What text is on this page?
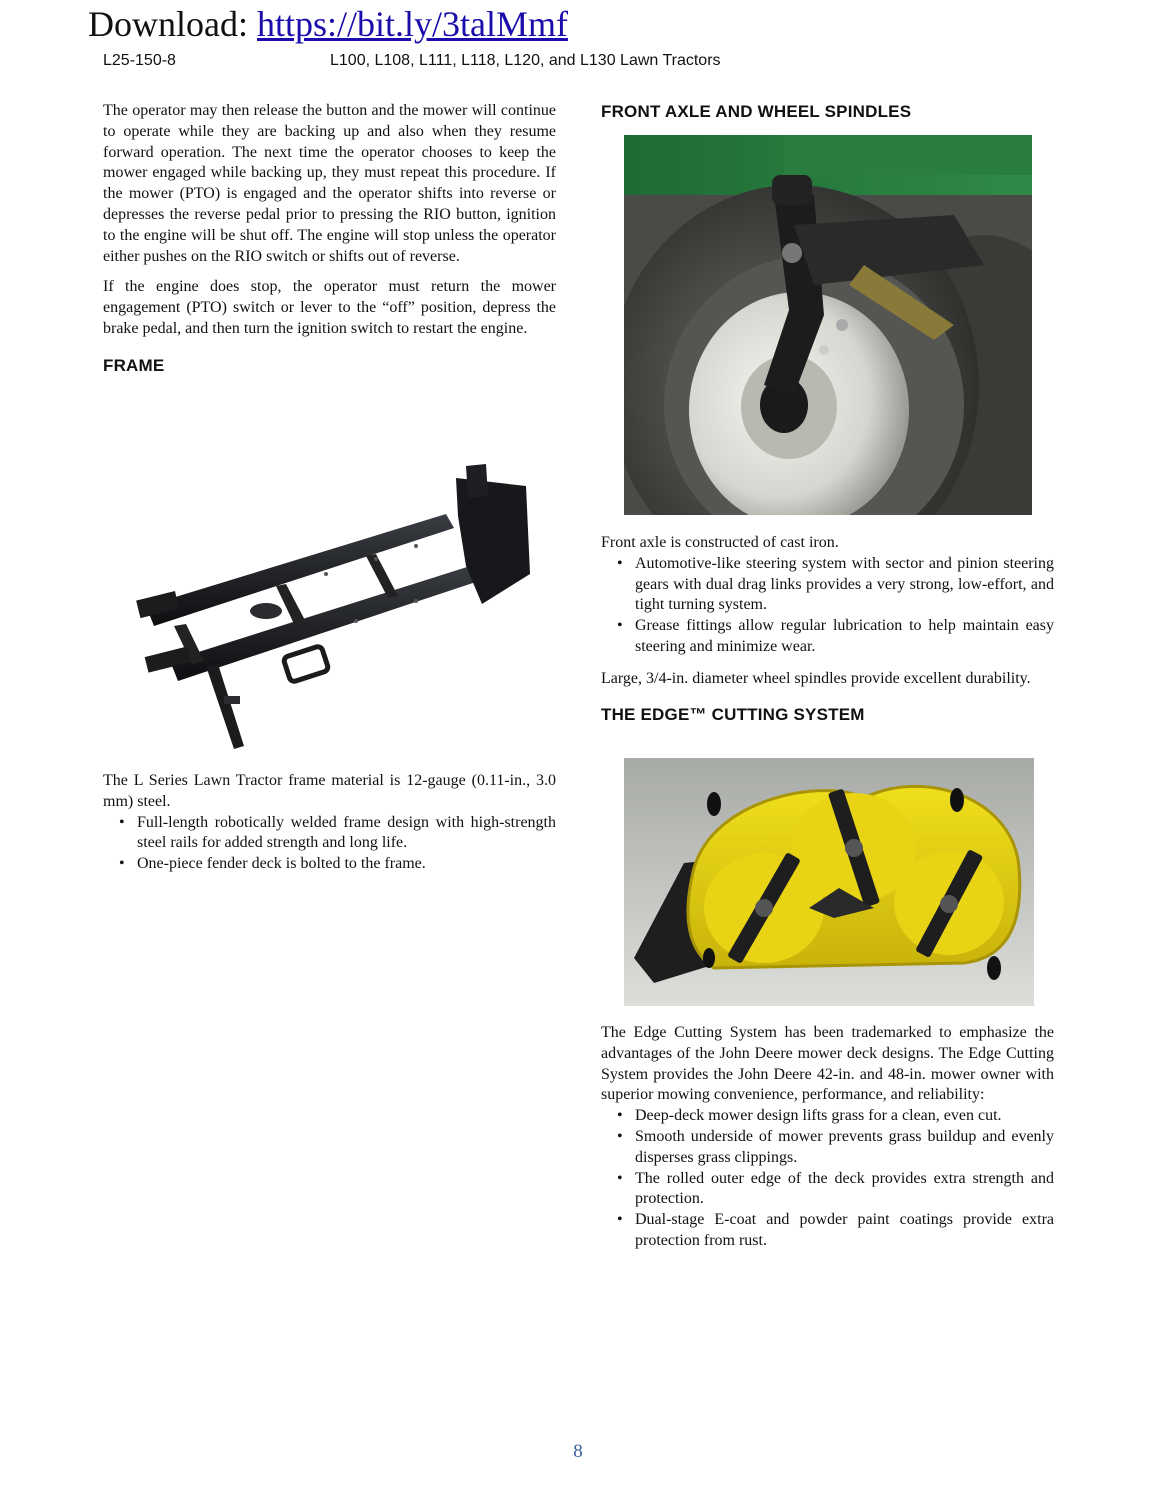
Download: https://bit.ly/3talMmf
L25-150-8	L100, L108, L111, L118, L120, and L130 Lawn Tractors

The operator may then release the button and the mower will continue to operate while they are backing up and also when they resume forward operation. The next time the operator chooses to keep the mower engaged while backing up, they must repeat this procedure. If the mower (PTO) is engaged and the operator shifts into reverse or depresses the reverse pedal prior to pressing the RIO button, ignition to the engine will be shut off. The engine will stop unless the operator either pushes on the RIO switch or shifts out of reverse.

If the engine does stop, the operator must return the mower engagement (PTO) switch or lever to the “off” position, depress the brake pedal, and then turn the ignition switch to restart the engine.

FRAME

The L Series Lawn Tractor frame material is 12-gauge (0.11-in., 3.0 mm) steel.

• Full-length robotically welded frame design with high-strength steel rails for added strength and long life.
• One-piece fender deck is bolted to the frame.
FRONT AXLE AND WHEEL SPINDLES

Front axle is constructed of cast iron.

• Automotive-like steering system with sector and pinion steering gears with dual drag links provides a very strong, low-effort, and tight turning system.
• Grease fittings allow regular lubrication to help maintain easy steering and minimize wear.

Large, 3/4-in. diameter wheel spindles provide excellent durability.

THE EDGE™ CUTTING SYSTEM

The Edge Cutting System has been trademarked to emphasize the advantages of the John Deere mower deck designs. The Edge Cutting System provides the John Deere 42-in. and 48-in. mower owner with superior mowing convenience, performance, and reliability:

• Deep-deck mower design lifts grass for a clean, even cut.
• Smooth underside of mower prevents grass buildup and evenly disperses grass clippings.
• The rolled outer edge of the deck provides extra strength and protection.
• Dual-stage E-coat and powder paint coatings provide extra protection from rust.
8
